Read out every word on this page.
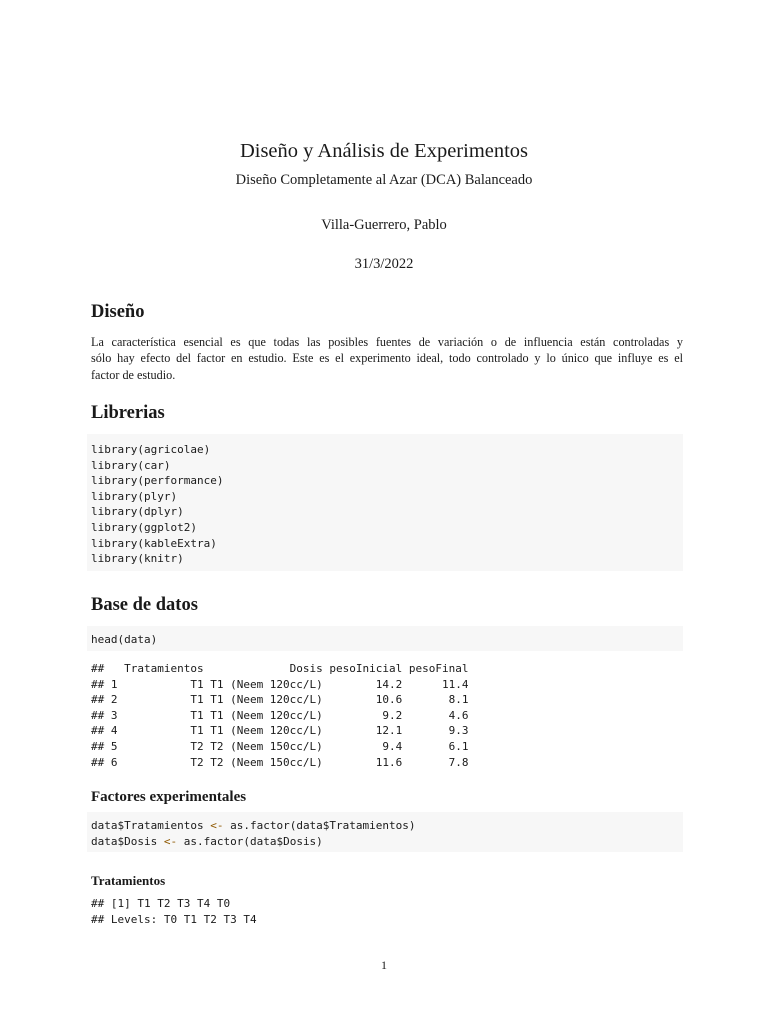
Diseño y Análisis de Experimentos
Diseño Completamente al Azar (DCA) Balanceado
Villa-Guerrero, Pablo
31/3/2022
Diseño
La característica esencial es que todas las posibles fuentes de variación o de influencia están controladas y
sólo hay efecto del factor en estudio. Este es el experimento ideal, todo controlado y lo único que influye es el
factor de estudio.
Librerias
library(agricolae)
library(car)
library(performance)
library(plyr)
library(dplyr)
library(ggplot2)
library(kableExtra)
library(knitr)
Base de datos
head(data)
##   Tratamientos             Dosis pesoInicial pesoFinal
## 1           T1 T1 (Neem 120cc/L)        14.2      11.4
## 2           T1 T1 (Neem 120cc/L)        10.6       8.1
## 3           T1 T1 (Neem 120cc/L)         9.2       4.6
## 4           T1 T1 (Neem 120cc/L)        12.1       9.3
## 5           T2 T2 (Neem 150cc/L)         9.4       6.1
## 6           T2 T2 (Neem 150cc/L)        11.6       7.8
Factores experimentales
data$Tratamientos <- as.factor(data$Tratamientos)
data$Dosis <- as.factor(data$Dosis)
Tratamientos
## [1] T1 T2 T3 T4 T0
## Levels: T0 T1 T2 T3 T4
1
